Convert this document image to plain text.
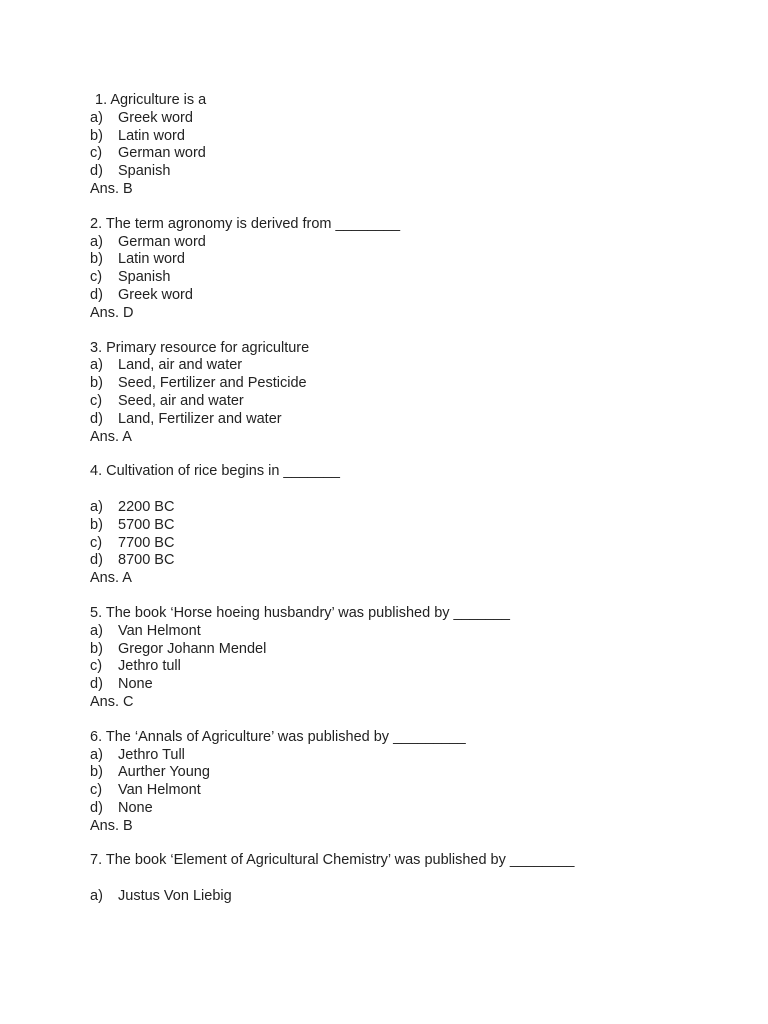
1. Agriculture is a
a) Greek word
b) Latin word
c) German word
d) Spanish
Ans. B
2. The term agronomy is derived from ________
a) German word
b) Latin word
c) Spanish
d) Greek word
Ans. D
3. Primary resource for agriculture
a) Land, air and water
b) Seed, Fertilizer and Pesticide
c) Seed, air and water
d) Land, Fertilizer and water
Ans. A
4. Cultivation of rice begins in _______
a) 2200 BC
b) 5700 BC
c) 7700 BC
d) 8700 BC
Ans. A
5. The book ‘Horse hoeing husbandry’ was published by _______
a) Van Helmont
b) Gregor Johann Mendel
c) Jethro tull
d) None
Ans. C
6. The ‘Annals of Agriculture’ was published by _________
a) Jethro Tull
b) Aurther Young
c) Van Helmont
d) None
Ans. B
7. The book ‘Element of Agricultural Chemistry’ was published by ________
a) Justus Von Liebig
